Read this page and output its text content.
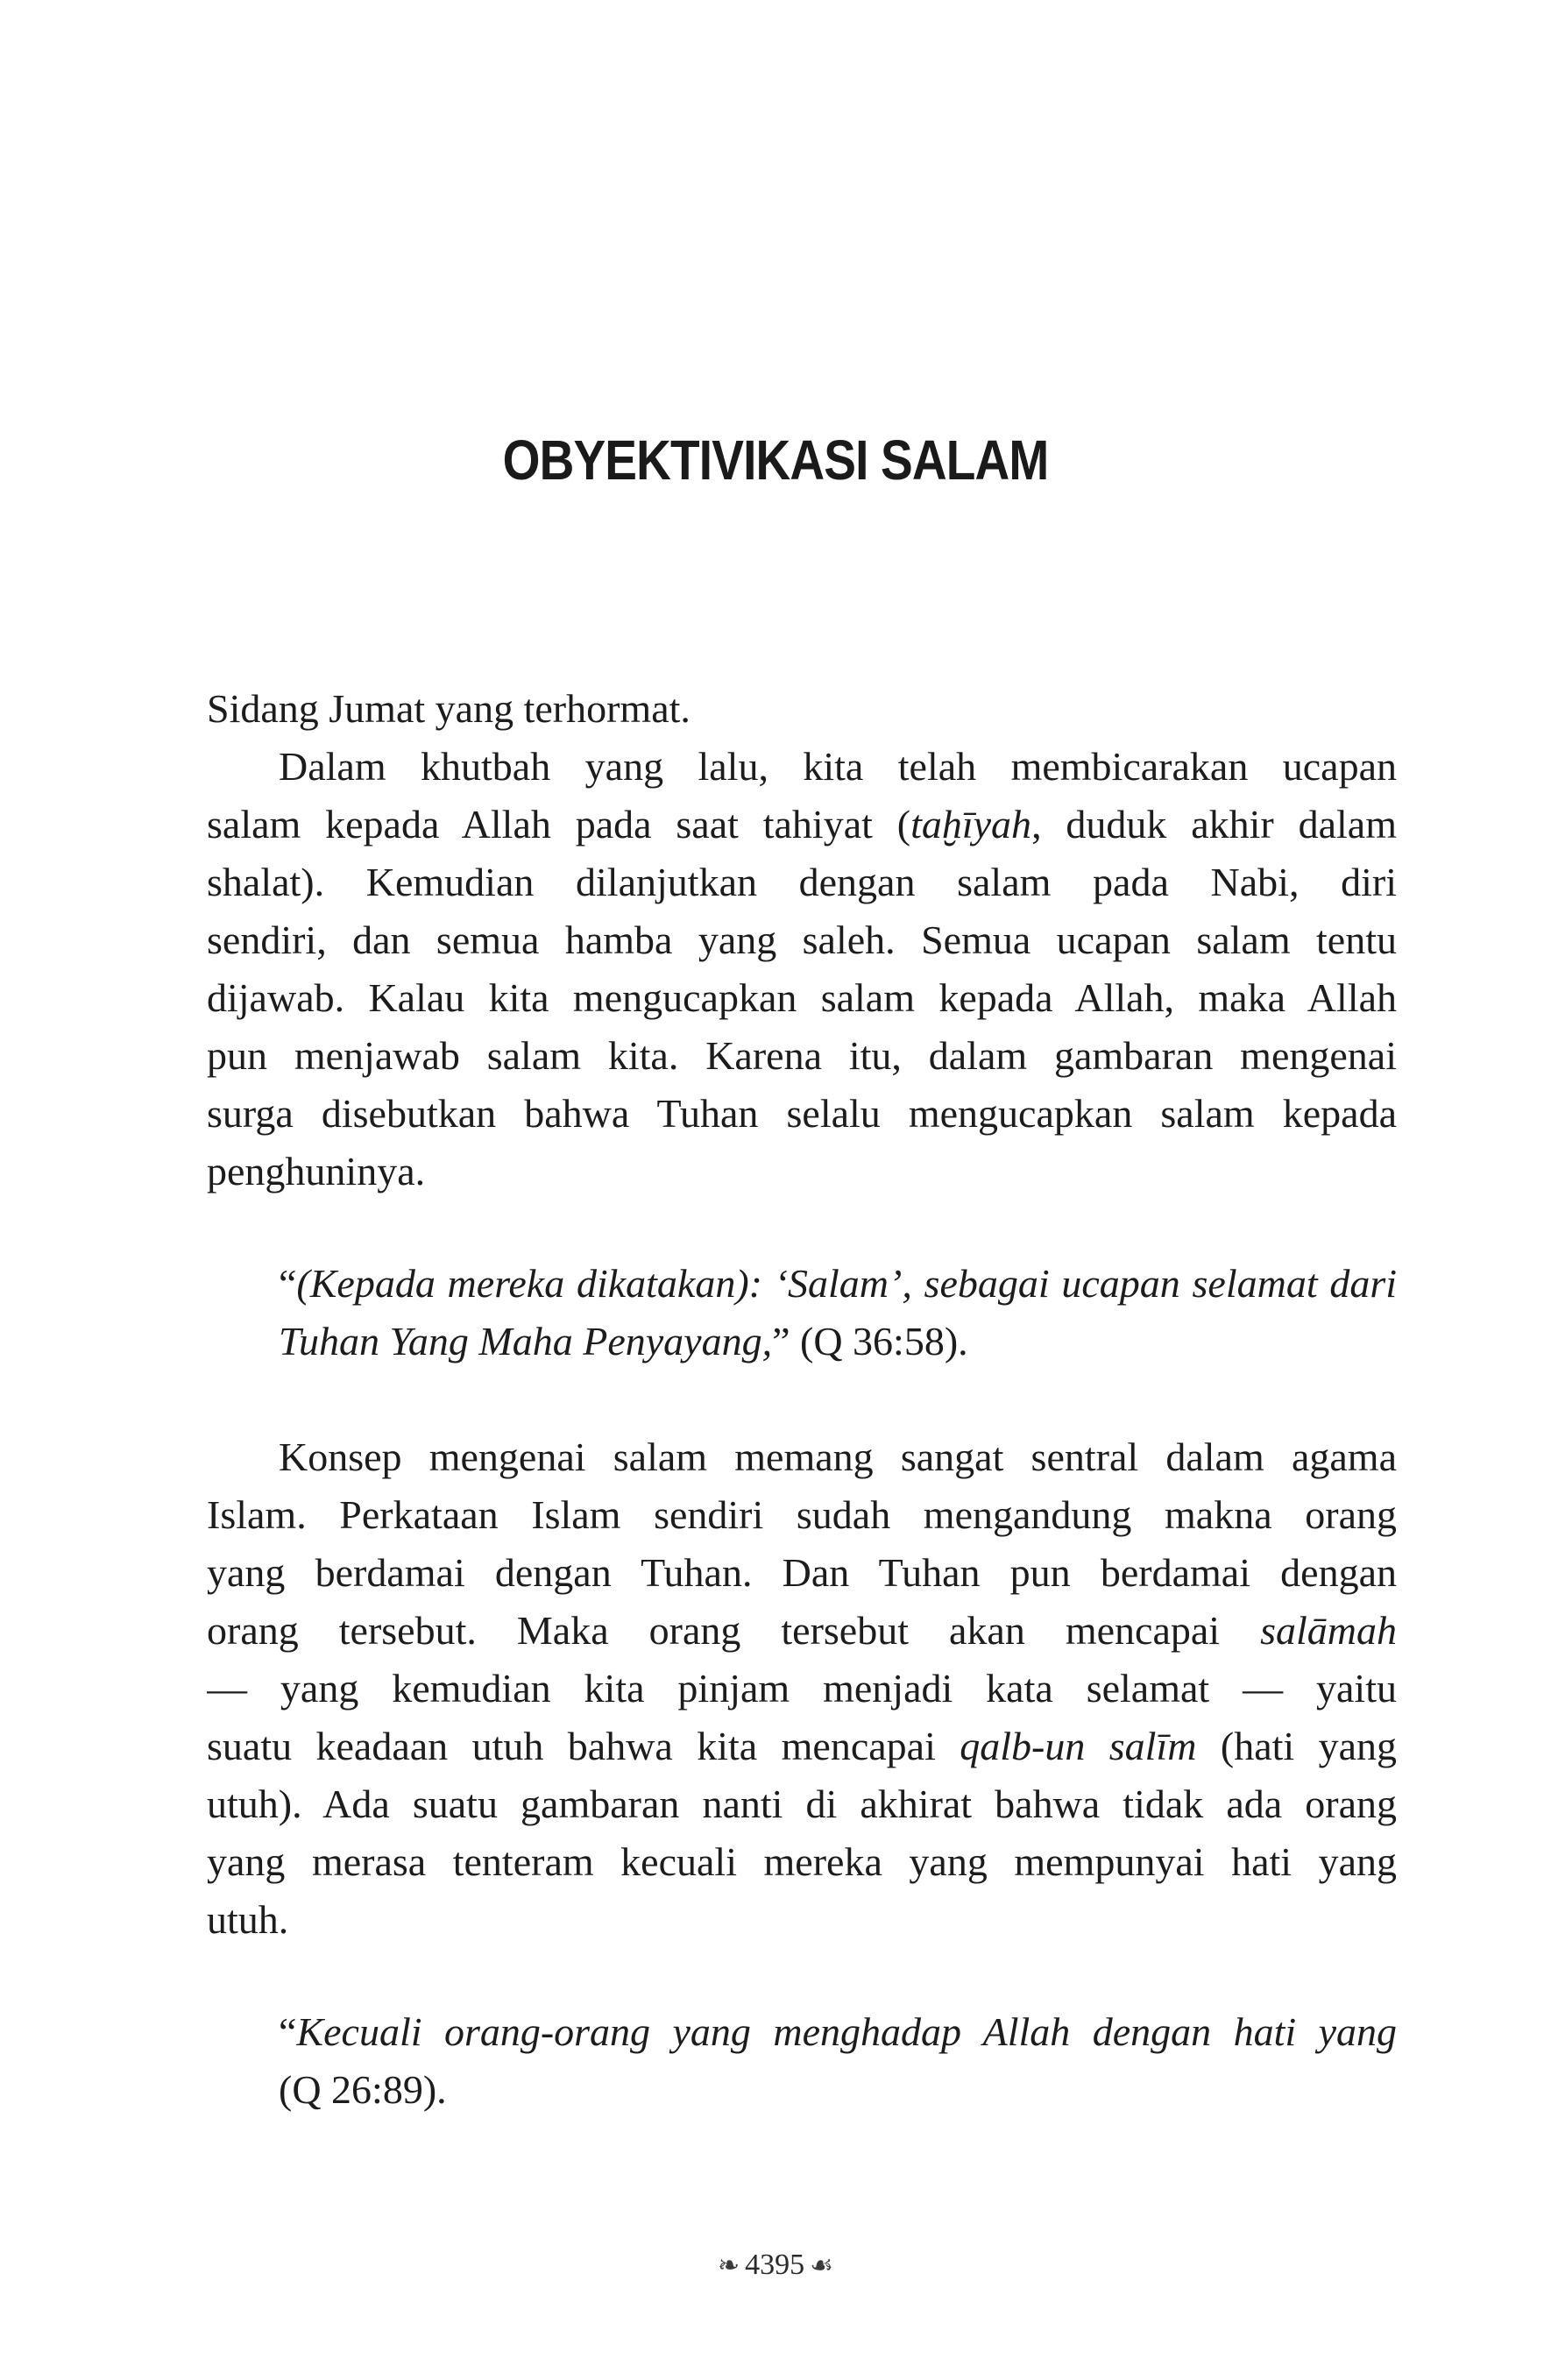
OBYEKTIVIKASI SALAM
Sidang Jumat yang terhormat.
Dalam khutbah yang lalu, kita telah membicarakan ucapan
salam kepada Allah pada saat tahiyat (taḫīyah, duduk akhir dalam
shalat). Kemudian dilanjutkan dengan salam pada Nabi, diri
sendiri, dan semua hamba yang saleh. Semua ucapan salam tentu
dijawab. Kalau kita mengucapkan salam kepada Allah, maka Allah
pun menjawab salam kita. Karena itu, dalam gambaran mengenai
surga disebutkan bahwa Tuhan selalu mengucapkan salam kepada
penghuninya.
“(Kepada mereka dikatakan): ‘Salam’, sebagai ucapan selamat dari
Tuhan Yang Maha Penyayang,” (Q 36:58).
Konsep mengenai salam memang sangat sentral dalam agama
Islam. Perkataan Islam sendiri sudah mengandung makna orang
yang berdamai dengan Tuhan. Dan Tuhan pun berdamai dengan
orang tersebut. Maka orang tersebut akan mencapai salāmah
— yang kemudian kita pinjam menjadi kata selamat — yaitu
suatu keadaan utuh bahwa kita mencapai qalb-un salīm (hati yang
utuh). Ada suatu gambaran nanti di akhirat bahwa tidak ada orang
yang merasa tenteram kecuali mereka yang mempunyai hati yang
utuh.
“Kecuali orang-orang yang menghadap Allah dengan hati yang
(Q 26:89).
❧ 4395 ☙
